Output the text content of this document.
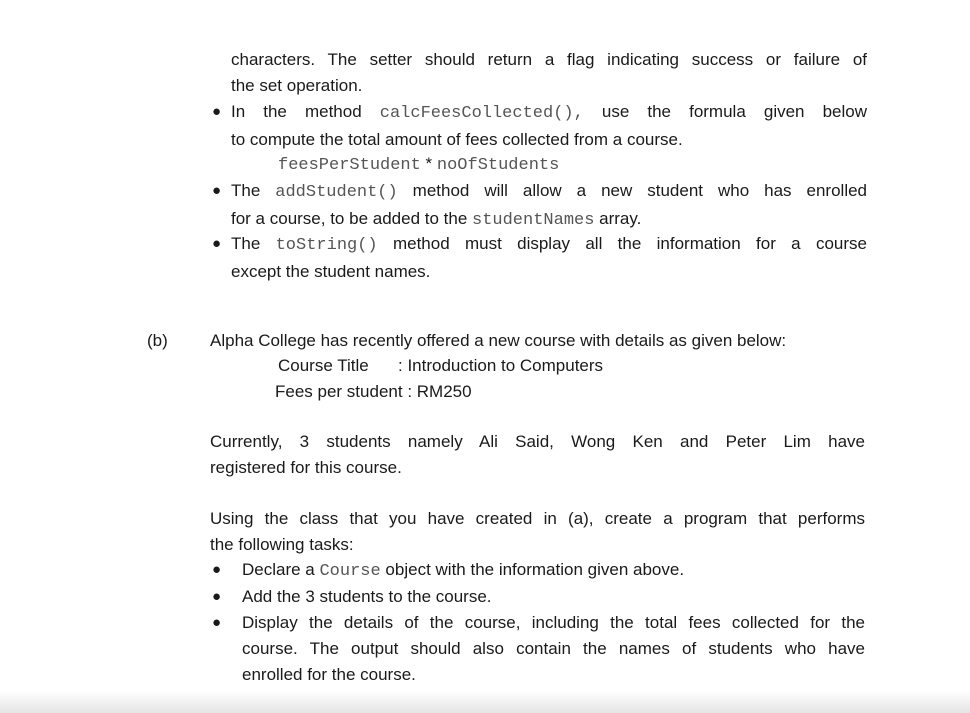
characters. The setter should return a flag indicating success or failure of
the set operation.
● In the method calcFeesCollected(), use the formula given below
to compute the total amount of fees collected from a course.
feesPerStudent * noOfStudents
● The addStudent() method will allow a new student who has enrolled
for a course, to be added to the studentNames array.
● The toString() method must display all the information for a course
except the student names.
(b) Alpha College has recently offered a new course with details as given below:
Course Title : Introduction to Computers
Fees per student : RM250
Currently, 3 students namely Ali Said, Wong Ken and Peter Lim have
registered for this course.
Using the class that you have created in (a), create a program that performs
the following tasks:
● Declare a Course object with the information given above.
● Add the 3 students to the course.
● Display the details of the course, including the total fees collected for the
course. The output should also contain the names of students who have
enrolled for the course.
